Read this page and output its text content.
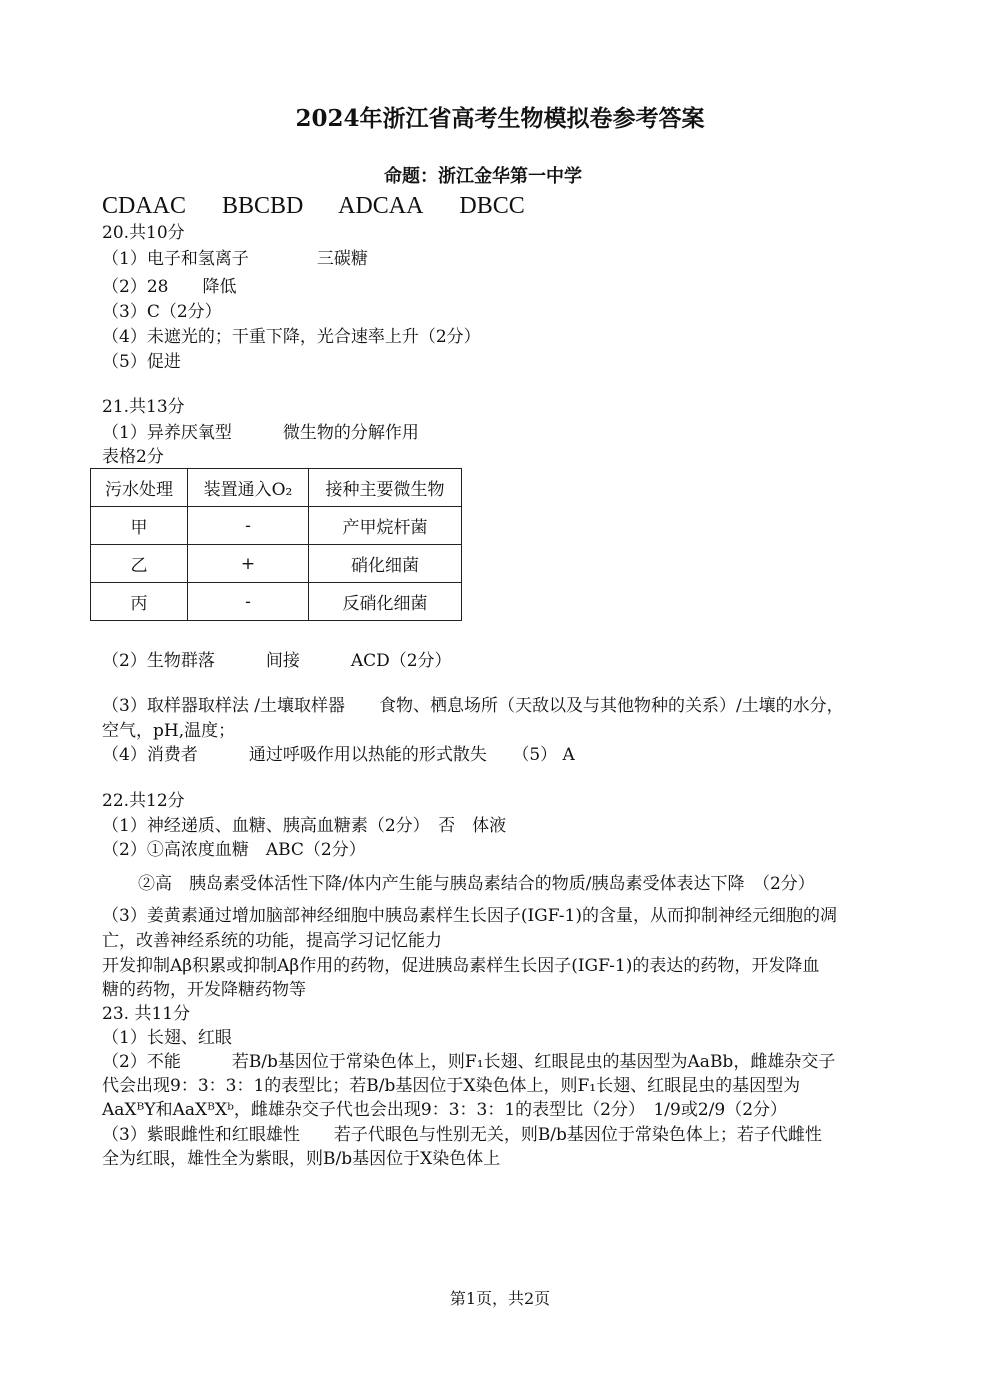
2024年浙江省高考生物模拟卷参考答案
命题：浙江金华第一中学
CDAAC BBCBD ADCAA DBCC
20.共10分
（1）电子和氢离子　　　　三碳糖
（2）28　　降低
（3）C（2分）
（4）未遮光的；干重下降，光合速率上升（2分）
（5）促进
21.共13分
（1）异养厌氧型　　　微生物的分解作用
表格2分
污水处理	装置通入O₂	接种主要微生物
甲	-	产甲烷杆菌
乙	+	硝化细菌
丙	-	反硝化细菌
（2）生物群落　　　间接　　　ACD（2分）
（3）取样器取样法 /土壤取样器　　食物、栖息场所（天敌以及与其他物种的关系）/土壤的水分，
空气，pH,温度；
（4）消费者　　　通过呼吸作用以热能的形式散失　　（5） A
22.共12分
（1）神经递质、血糖、胰高血糖素（2分）　否　体液
（2）①高浓度血糖　ABC（2分）
②高　胰岛素受体活性下降/体内产生能与胰岛素结合的物质/胰岛素受体表达下降　（2分）
（3）姜黄素通过增加脑部神经细胞中胰岛素样生长因子(IGF-1)的含量，从而抑制神经元细胞的凋
亡，改善神经系统的功能，提高学习记忆能力
开发抑制Aβ积累或抑制Aβ作用的药物，促进胰岛素样生长因子(IGF-1)的表达的药物，开发降血
糖的药物，开发降糖药物等
23. 共11分
（1）长翅、红眼
（2）不能　　　若B/b基因位于常染色体上，则F₁长翅、红眼昆虫的基因型为AaBb，雌雄杂交子
代会出现9：3：3：1的表型比；若B/b基因位于X染色体上，则F₁长翅、红眼昆虫的基因型为
AaXᴮY和AaXᴮXᵇ，雌雄杂交子代也会出现9：3：3：1的表型比（2分）　1/9或2/9（2分）
（3）紫眼雌性和红眼雄性　　若子代眼色与性别无关，则B/b基因位于常染色体上；若子代雌性
全为红眼，雄性全为紫眼，则B/b基因位于X染色体上
第1页，共2页
